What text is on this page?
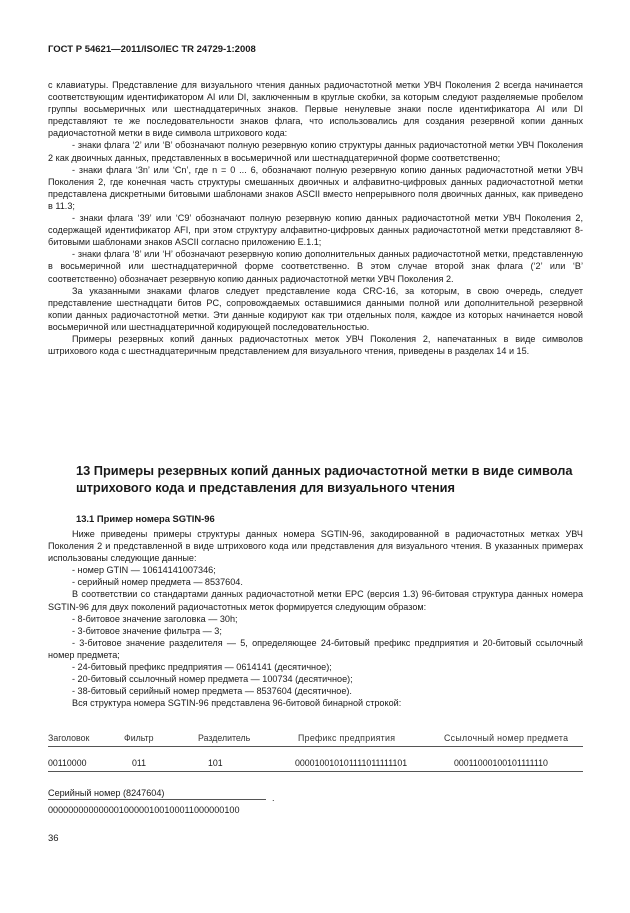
ГОСТ Р 54621—2011/ISO/IEC TR 24729-1:2008

с клавиатуры. Представление для визуального чтения данных радиочастотной метки УВЧ Поколения 2 всегда начинается соответствующим идентификатором AI или DI, заключенным в круглые скобки, за которым следуют разделяемые пробелом группы восьмеричных или шестнадцатеричных знаков. Первые ненулевые знаки после идентификатора AI или DI представляют те же последовательности знаков флага, что использовались для создания резервной копии данных радиочастотной метки в виде символа штрихового кода:

- знаки флага ‘2’ или ‘B’ обозначают полную резервную копию структуры данных радиочастотной метки УВЧ Поколения 2 как двоичных данных, представленных в восьмеричной или шестнадцатеричной форме соответственно;

- знаки флага ‘3n’ или ‘Cn’, где n = 0 ... 6, обозначают полную резервную копию данных радиочастотной метки УВЧ Поколения 2, где конечная часть структуры смешанных двоичных и алфавитно-цифровых данных радиочастотной метки представлена дискретными битовыми шаблонами знаков ASCII вместо непрерывного поля двоичных данных, как приведено в 11.3;

- знаки флага ‘39’ или ‘C9’ обозначают полную резервную копию данных радиочастотной метки УВЧ Поколения 2, содержащей идентификатор AFI, при этом структуру алфавитно-цифровых данных радиочастотной метки представляют 8-битовыми шаблонами знаков ASCII согласно приложению Е.1.1;

- знаки флага ‘8’ или ‘H’ обозначают резервную копию дополнительных данных радиочастотной метки, представленную в восьмеричной или шестнадцатеричной форме соответственно. В этом случае второй знак флага (‘2’ или ‘B’ соответственно) обозначает резервную копию данных радиочастотной метки УВЧ Поколения 2.

За указанными знаками флагов следует представление кода CRC-16, за которым, в свою очередь, следует представление шестнадцати битов PC, сопровождаемых оставшимися данными полной или дополнительной резервной копии данных радиочастотной метки. Эти данные кодируют как три отдельных поля, каждое из которых начинается новой восьмеричной или шестнадцатеричной кодирующей последовательностью.

Примеры резервных копий данных радиочастотных меток УВЧ Поколения 2, напечатанных в виде символов штрихового кода с шестнадцатеричным представлением для визуального чтения, приведены в разделах 14 и 15.

13 Примеры резервных копий данных радиочастотной метки в виде символа штрихового кода и представления для визуального чтения
13.1 Пример номера SGTIN-96

Ниже приведены примеры структуры данных номера SGTIN-96, закодированной в радиочастотных метках УВЧ Поколения 2 и представленной в виде штрихового кода или представления для визуального чтения. В указанных примерах использованы следующие данные:

- номер GTIN — 10614141007346;

- серийный номер предмета — 8537604.

В соответствии со стандартами данных радиочастотной метки EPC (версия 1.3) 96-битовая структура данных номера SGTIN-96 для двух поколений радиочастотных меток формируется следующим образом:

- 8-битовое значение заголовка — 30h;

- 3-битовое значение фильтра — 3;

- 3-битовое значение разделителя — 5, определяющее 24-битовый префикс предприятия и 20-битовый ссылочный номер предмета;

- 24-битовый префикс предприятия — 0614141 (десятичное);

- 20-битовый ссылочный номер предмета — 100734 (десятичное);

- 38-битовый серийный номер предмета — 8537604 (десятичное).

Вся структура номера SGTIN-96 представлена 96-битовой бинарной строкой:

Заголовок	Фильтр	Разделитель	Префикс предприятия	Ссылочный номер предмета
00110000	011	101	000010010101111011111101	00011000100101111110
Серийный номер (8247604)	.
00000000000000100000100100011000000100
36
